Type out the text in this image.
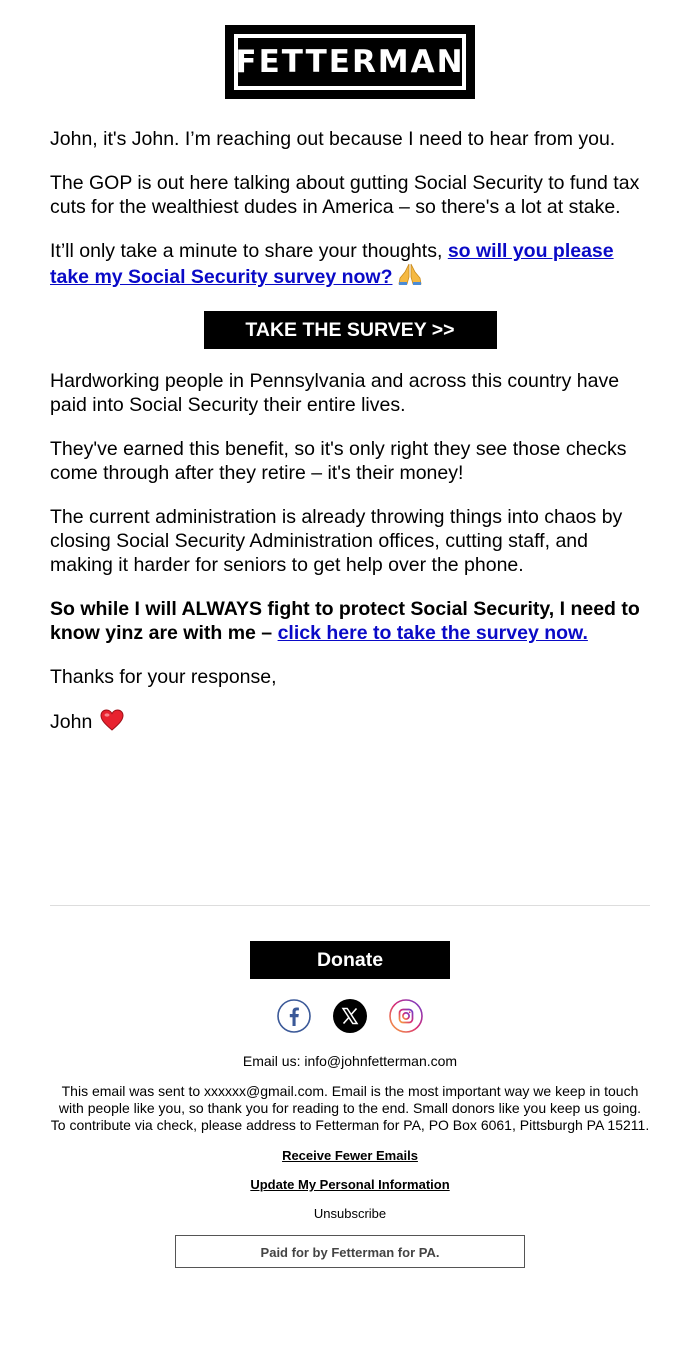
FETTERMAN

John, it's John. I’m reaching out because I need to hear from you.

The GOP is out here talking about gutting Social Security to fund tax cuts for the wealthiest dudes in America – so there's a lot at stake.

It’ll only take a minute to share your thoughts, so will you please take my Social Security survey now?

TAKE THE SURVEY >>

Hardworking people in Pennsylvania and across this country have paid into Social Security their entire lives.

They've earned this benefit, so it's only right they see those checks come through after they retire – it's their money!

The current administration is already throwing things into chaos by closing Social Security Administration offices, cutting staff, and making it harder for seniors to get help over the phone.

So while I will ALWAYS fight to protect Social Security, I need to know yinz are with me – click here to take the survey now.

Thanks for your response,

John

Donate
Email us: info@johnfetterman.com
This email was sent to xxxxxx@gmail.com. Email is the most important way we keep in touch with people like you, so thank you for reading to the end. Small donors like you keep us going. To contribute via check, please address to Fetterman for PA, PO Box 6061, Pittsburgh PA 15211.
Receive Fewer Emails
Update My Personal Information
Unsubscribe
Paid for by Fetterman for PA.
